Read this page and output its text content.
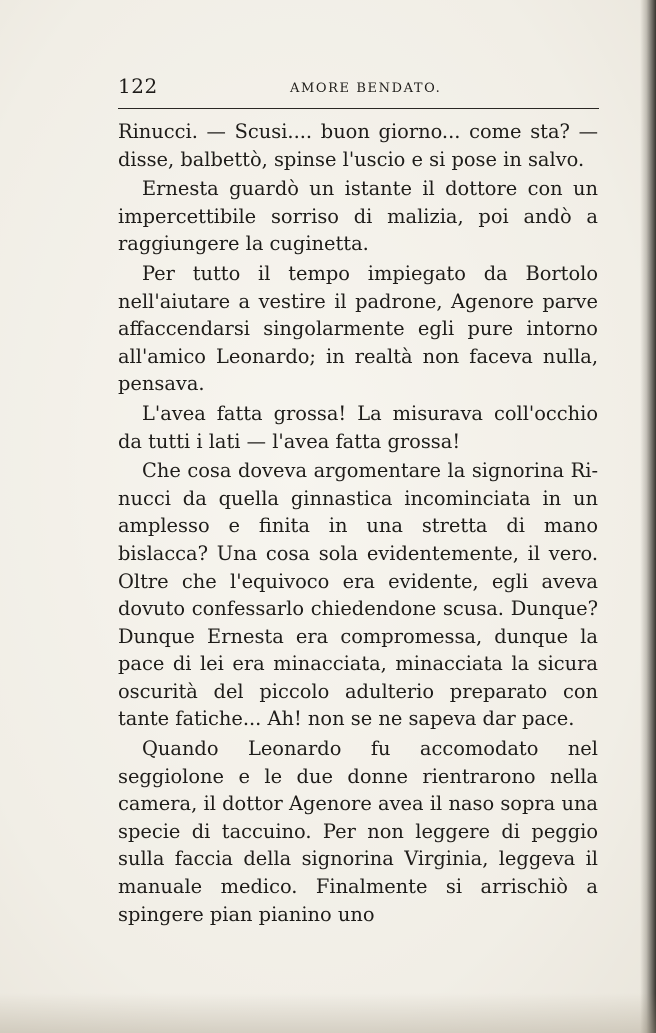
122	AMORE BENDATO.

Rinucci. — Scusi.... buon giorno... come sta? — disse, balbettò, spinse l'uscio e si pose in salvo.

Ernesta guardò un istante il dottore con un impercettibile sorriso di malizia, poi andò a raggiungere la cuginetta.

Per tutto il tempo impiegato da Bortolo nell'aiutare a vestire il padrone, Agenore parve affaccendarsi singolarmente egli pure intorno all'amico Leonardo; in realtà non faceva nulla, pensava.

L'avea fatta grossa! La misurava coll'occhio da tutti i lati — l'avea fatta grossa!

Che cosa doveva argomentare la signorina Rinucci da quella ginnastica incominciata in un amplesso e finita in una stretta di mano bislacca? Una cosa sola evidentemente, il vero. Oltre che l'equivoco era evidente, egli aveva dovuto confessarlo chiedendone scusa. Dunque? Dunque Ernesta era compromessa, dunque la pace di lei era minacciata, minacciata la sicura oscurità del piccolo adulterio preparato con tante fatiche... Ah! non se ne sapeva dar pace.

Quando Leonardo fu accomodato nel seggiolone e le due donne rientrarono nella camera, il dottor Agenore avea il naso sopra una specie di taccuino. Per non leggere di peggio sulla faccia della signorina Virginia, leggeva il manuale medico. Finalmente si arrischiò a spingere pian pianino uno
